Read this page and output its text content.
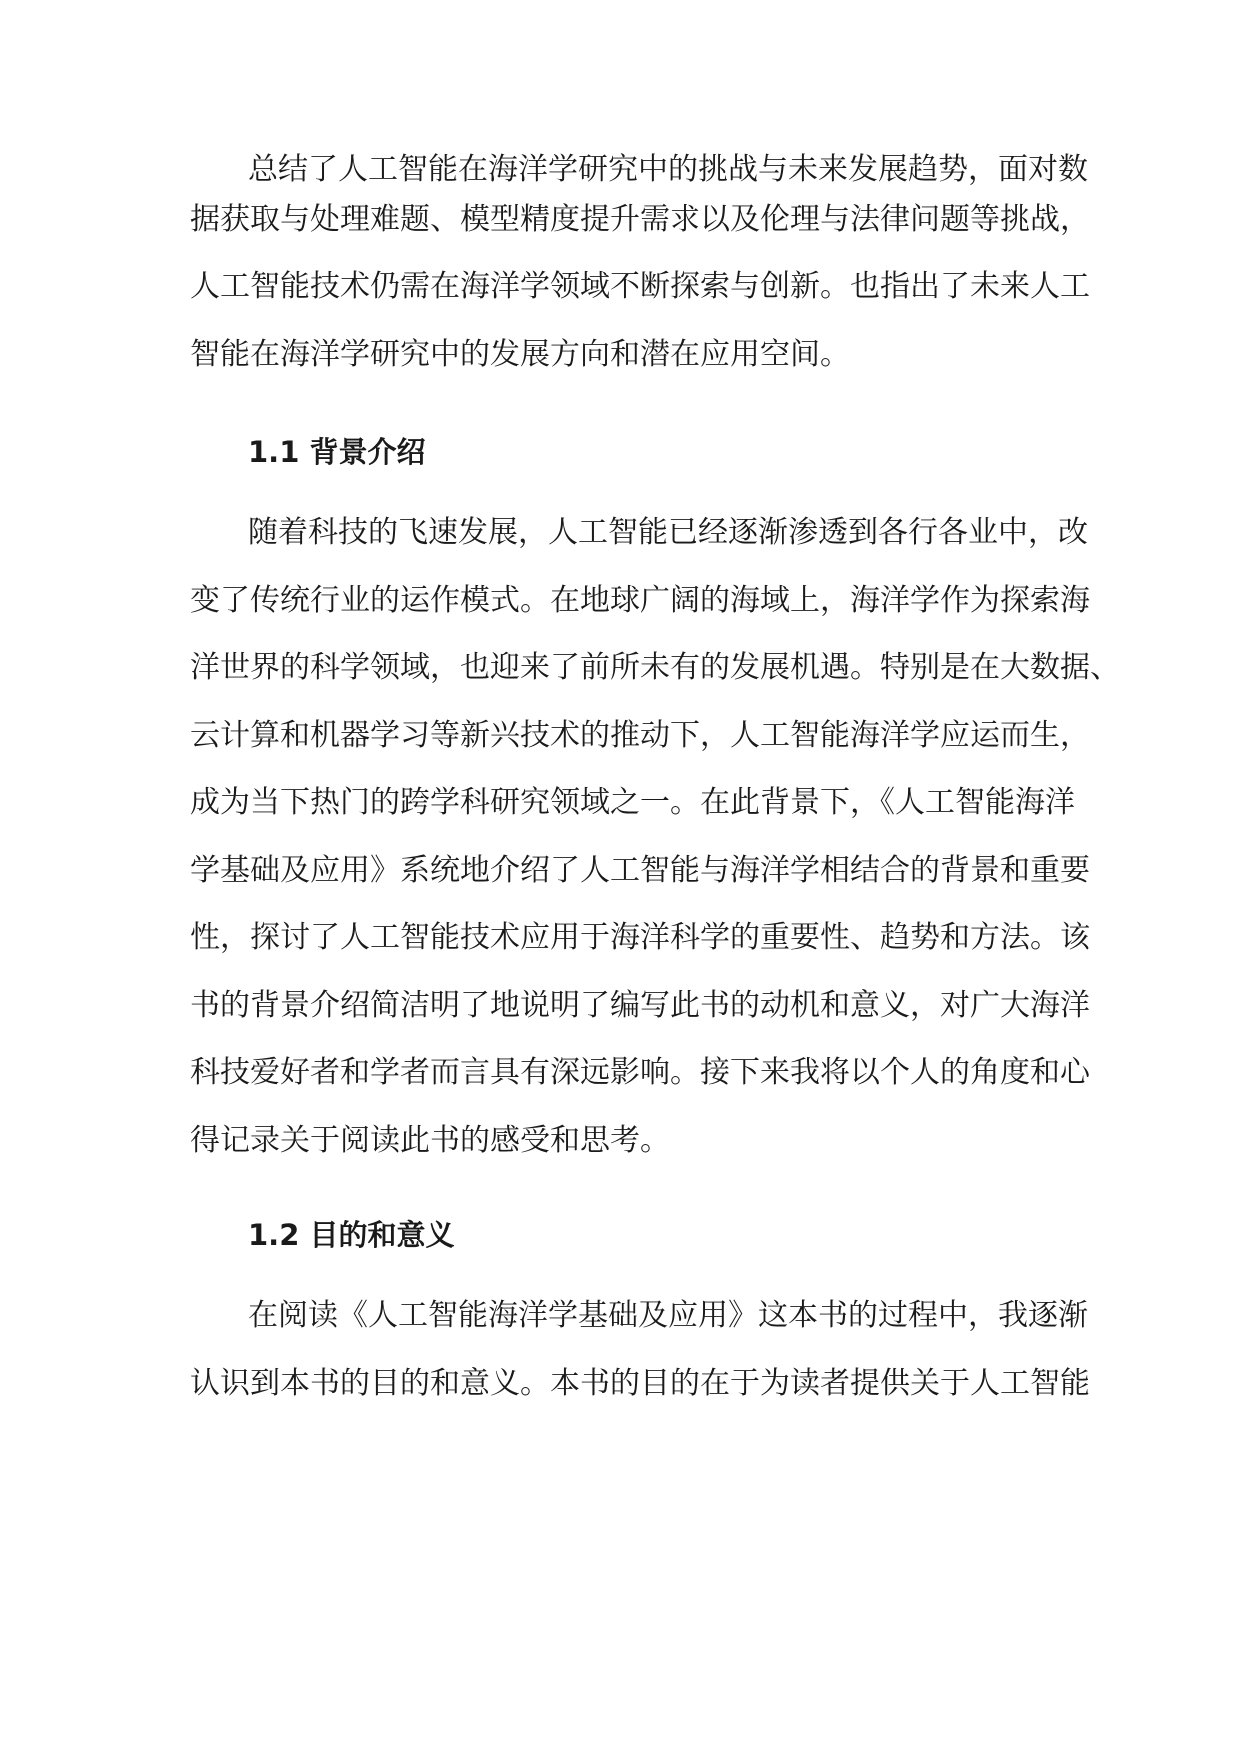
总结了人工智能在海洋学研究中的挑战与未来发展趋势，面对数
据获取与处理难题、模型精度提升需求以及伦理与法律问题等挑战，
人工智能技术仍需在海洋学领域不断探索与创新。也指出了未来人工
智能在海洋学研究中的发展方向和潜在应用空间。
1.1 背景介绍
随着科技的飞速发展，人工智能已经逐渐渗透到各行各业中，改
变了传统行业的运作模式。在地球广阔的海域上，海洋学作为探索海
洋世界的科学领域，也迎来了前所未有的发展机遇。特别是在大数据、
云计算和机器学习等新兴技术的推动下，人工智能海洋学应运而生，
成为当下热门的跨学科研究领域之一。在此背景下，《人工智能海洋
学基础及应用》系统地介绍了人工智能与海洋学相结合的背景和重要
性，探讨了人工智能技术应用于海洋科学的重要性、趋势和方法。该
书的背景介绍简洁明了地说明了编写此书的动机和意义，对广大海洋
科技爱好者和学者而言具有深远影响。接下来我将以个人的角度和心
得记录关于阅读此书的感受和思考。
1.2 目的和意义
在阅读《人工智能海洋学基础及应用》这本书的过程中，我逐渐
认识到本书的目的和意义。本书的目的在于为读者提供关于人工智能
